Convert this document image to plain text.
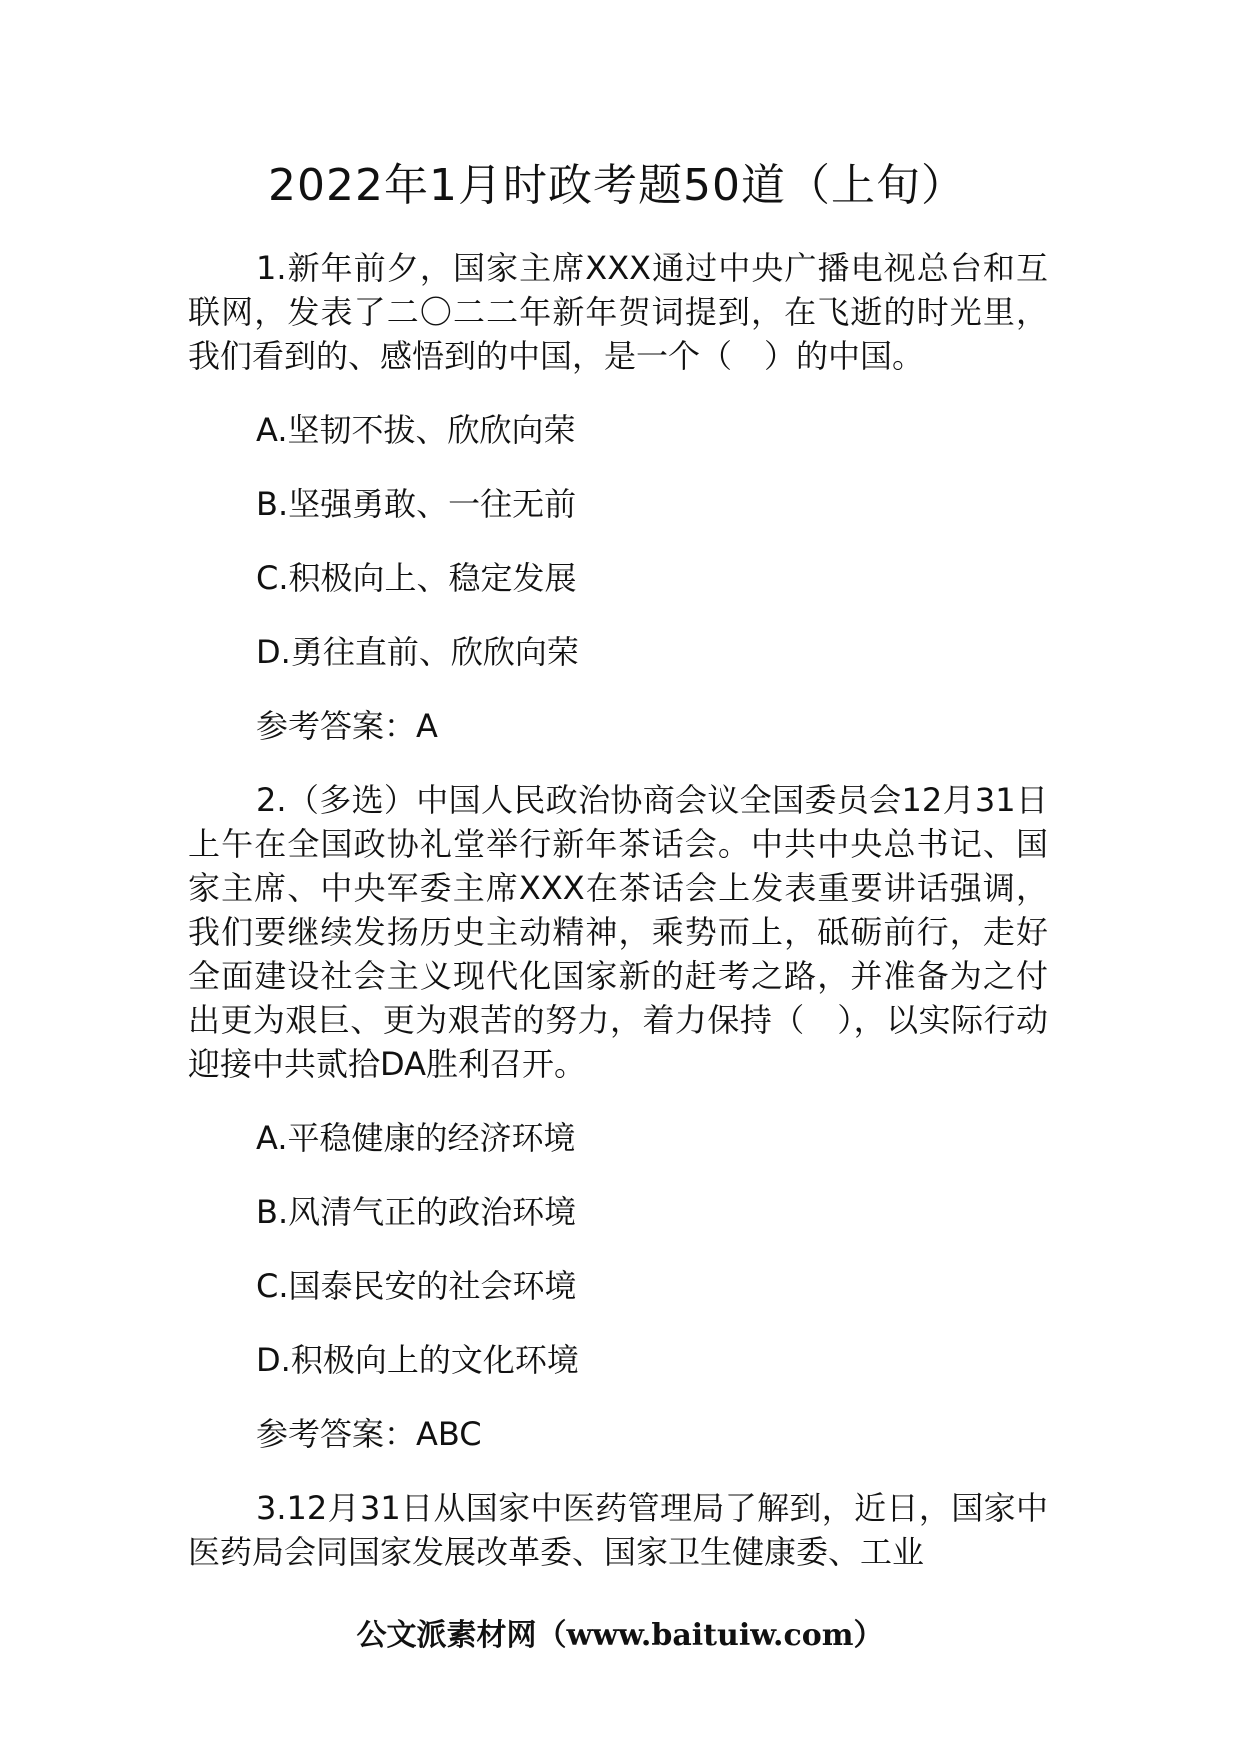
2022年1月时政考题50道（上旬）

1.新年前夕，国家主席XXX通过中央广播电视总台和互联网，发表了二〇二二年新年贺词提到，在飞逝的时光里，我们看到的、感悟到的中国，是一个（　）的中国。

A.坚韧不拔、欣欣向荣

B.坚强勇敢、一往无前

C.积极向上、稳定发展

D.勇往直前、欣欣向荣

参考答案：A

2.（多选）中国人民政治协商会议全国委员会12月31日上午在全国政协礼堂举行新年茶话会。中共中央总书记、国家主席、中央军委主席XXX在茶话会上发表重要讲话强调，我们要继续发扬历史主动精神，乘势而上，砥砺前行，走好全面建设社会主义现代化国家新的赶考之路，并准备为之付出更为艰巨、更为艰苦的努力，着力保持（　），以实际行动迎接中共贰拾DA胜利召开。

A.平稳健康的经济环境

B.风清气正的政治环境

C.国泰民安的社会环境

D.积极向上的文化环境

参考答案：ABC

3.12月31日从国家中医药管理局了解到，近日，国家中医药局会同国家发展改革委、国家卫生健康委、工业

公文派素材网（www.baituiw.com）
